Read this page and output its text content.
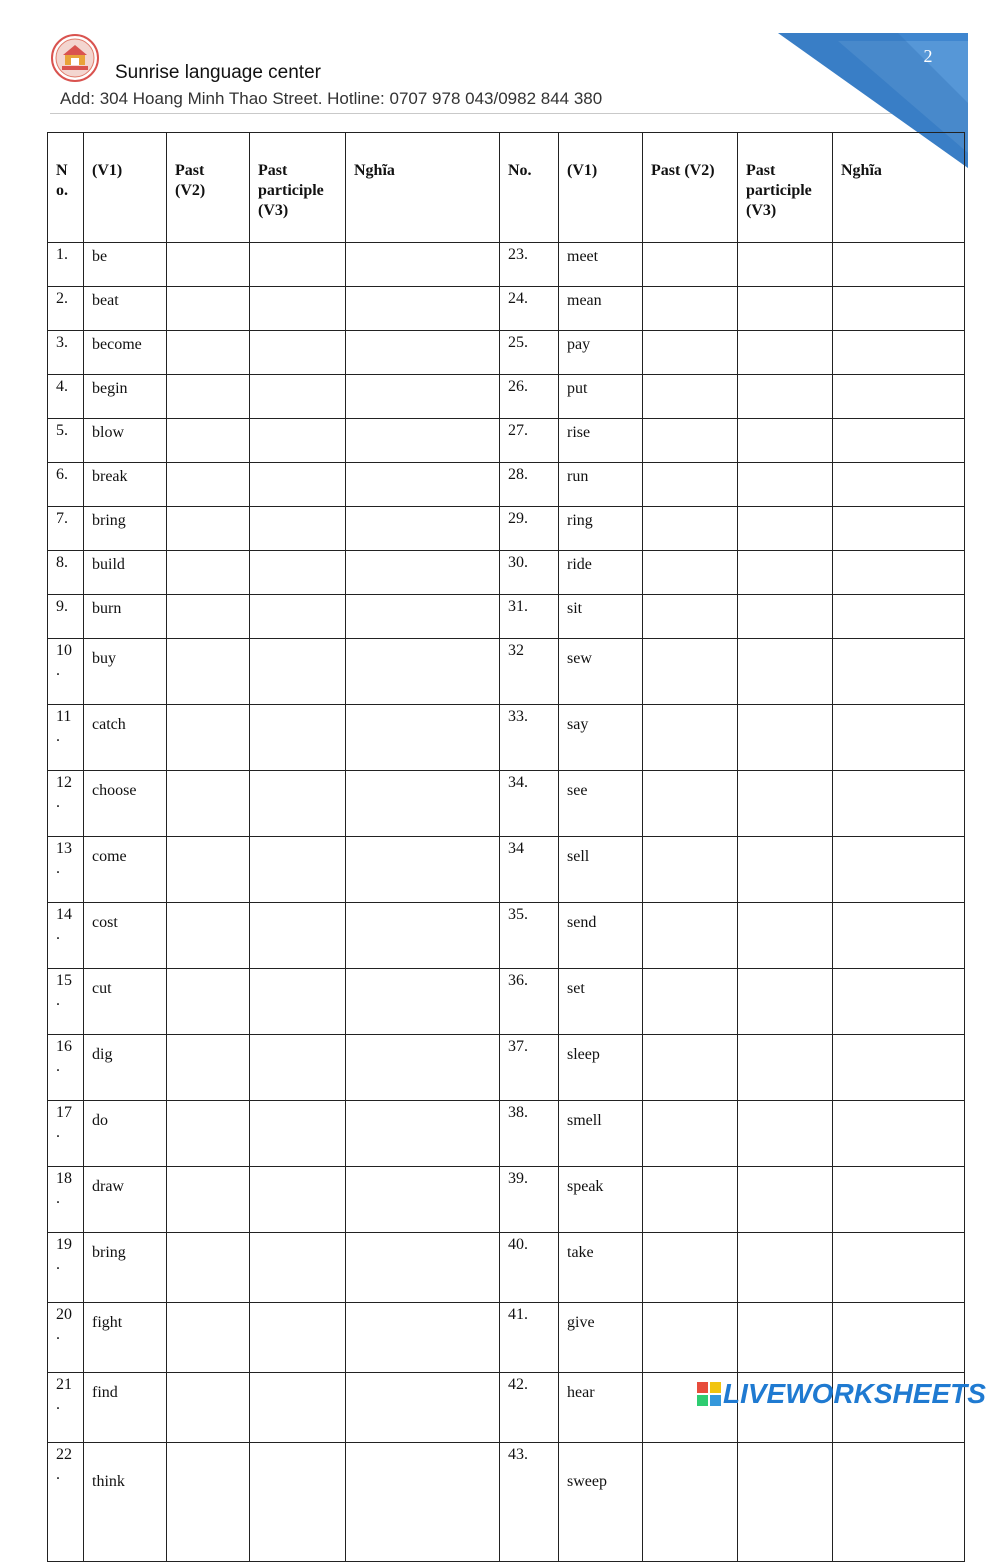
Sunrise language center
Add: 304 Hoang Minh Thao Street. Hotline: 0707 978 043/0982 844 380
2
N
o.	(V1)	Past
(V2)	Past
participle
(V3)	Nghĩa	No.	(V1)	Past (V2)	Past
participle
(V3)	Nghĩa

1.	be				23.	meet			

2.	beat				24.	mean			

3.	become				25.	pay			

4.	begin				26.	put			

5.	blow				27.	rise			

6.	break				28.	run			

7.	bring				29.	ring			

8.	build				30.	ride			

9.	burn				31.	sit			

10
.	buy				32	sew			

11
.	catch				33.	say			

12
.	choose				34.	see			

13
.	come				34	sell			

14
.	cost				35.	send			

15
.	cut				36.	set			

16
.	dig				37.	sleep			

17
.	do				38.	smell			

18
.	draw				39.	speak			

19
.	bring				40.	take			

20
.	fight				41.	give			

21
.	find				42.	hear			

22
.	think				43.	sweep			

LIVEWORKSHEETS
